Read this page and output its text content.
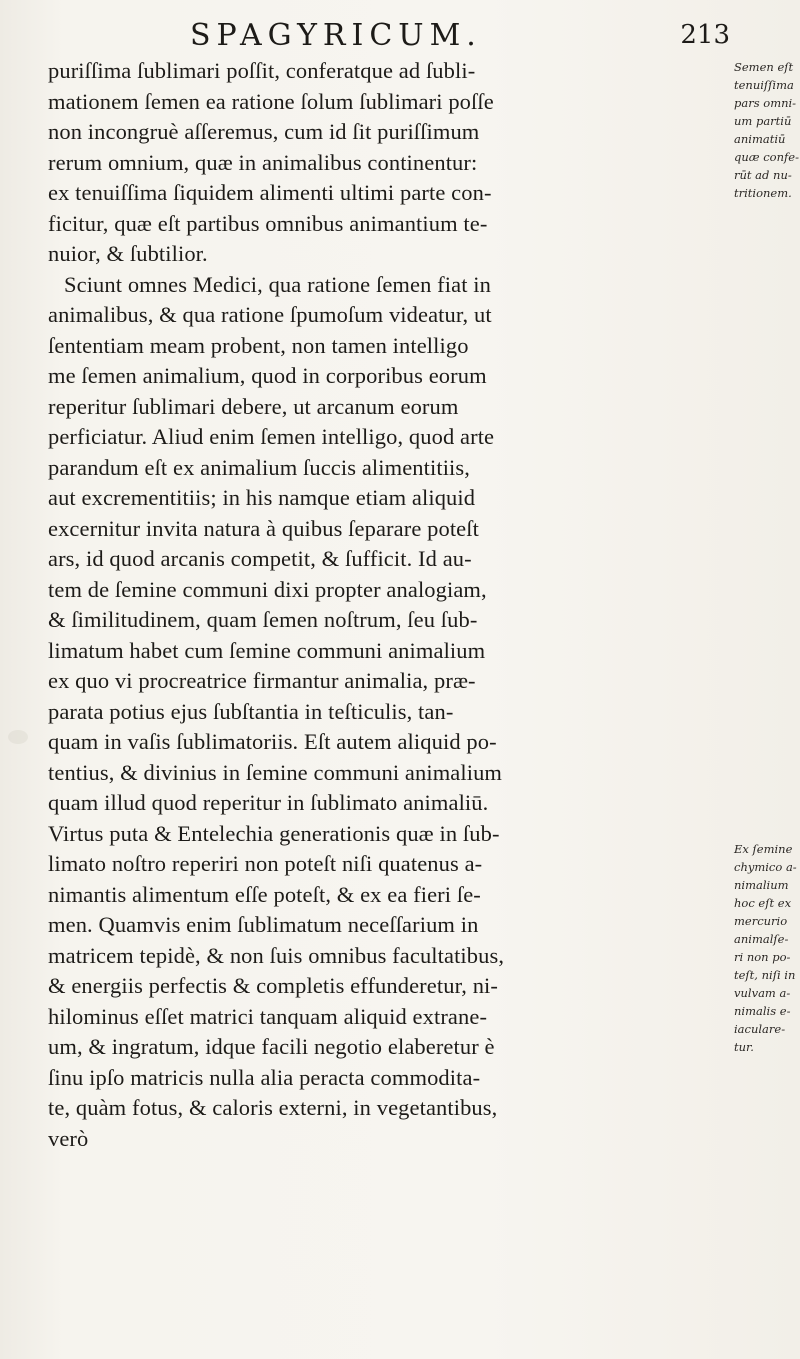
SPAGYRICUM.	213
puriſſima ſublimari poſſit, conferatque ad ſubli-
mationem ſemen ea ratione ſolum ſublimari poſſe
non incongruè aſſeremus, cum id ſit puriſſimum
rerum omnium, quæ in animalibus continentur:
ex tenuiſſima ſiquidem alimenti ultimi parte con-
ficitur, quæ eſt partibus omnibus animantium te-
nuior, & ſubtilior.
Sciunt omnes Medici, qua ratione ſemen fiat in
animalibus, & qua ratione ſpumoſum videatur, ut
ſententiam meam probent, non tamen intelligo
me ſemen animalium, quod in corporibus eorum
reperitur ſublimari debere, ut arcanum eorum
perficiatur. Aliud enim ſemen intelligo, quod arte
parandum eſt ex animalium ſuccis alimentitiis,
aut excrementitiis; in his namque etiam aliquid
excernitur invita natura à quibus ſeparare poteſt
ars, id quod arcanis competit, & ſufficit. Id au-
tem de ſemine communi dixi propter analogiam,
& ſimilitudinem, quam ſemen noſtrum, ſeu ſub-
limatum habet cum ſemine communi animalium
ex quo vi procreatrice firmantur animalia, præ-
parata potius ejus ſubſtantia in teſticulis, tan-
quam in vaſis ſublimatoriis. Eſt autem aliquid po-
tentius, & divinius in ſemine communi animalium
quam illud quod reperitur in ſublimato animaliū.
Virtus puta & Entelechia generationis quæ in ſub-
limato noſtro reperiri non poteſt niſi quatenus a-
nimantis alimentum eſſe poteſt, & ex ea fieri ſe-
men. Quamvis enim ſublimatum neceſſarium in
matricem tepidè, & non ſuis omnibus facultatibus,
& energiis perfectis & completis effunderetur, ni-
hilominus eſſet matrici tanquam aliquid extrane-
um, & ingratum, idque facili negotio elaberetur è
ſinu ipſo matricis nulla alia peracta commodita-
te, quàm fotus, & caloris externi, in vegetantibus,
verò
Semen eſt
tenuiſſima
pars omni-
um partiū
animatiū
quæ confe-
rūt ad nu-
tritionem.
Ex ſemine
chymico a-
nimalium
hoc eſt ex
mercurio
animalſe-
ri non po-
teſt, niſi in
vulvam a-
nimalis e-
iaculare-
tur.
